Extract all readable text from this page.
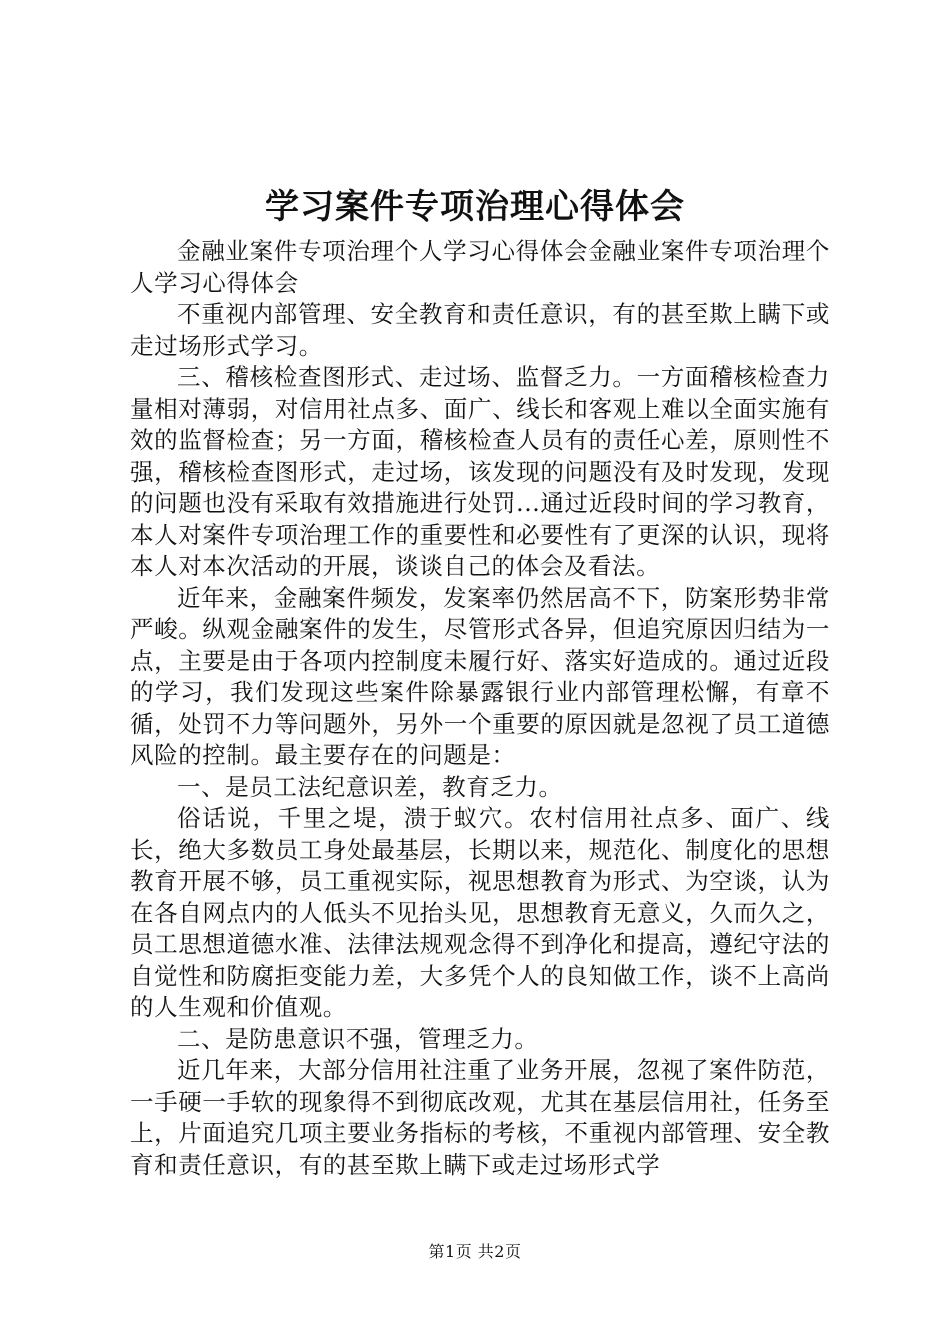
学习案件专项治理心得体会

金融业案件专项治理个人学习心得体会金融业案件专项治理个人学习心得体会

不重视内部管理、安全教育和责任意识，有的甚至欺上瞒下或走过场形式学习。

三、稽核检查图形式、走过场、监督乏力。一方面稽核检查力量相对薄弱，对信用社点多、面广、线长和客观上难以全面实施有效的监督检查；另一方面，稽核检查人员有的责任心差，原则性不强，稽核检查图形式，走过场，该发现的问题没有及时发现，发现的问题也没有采取有效措施进行处罚...通过近段时间的学习教育，本人对案件专项治理工作的重要性和必要性有了更深的认识，现将本人对本次活动的开展，谈谈自己的体会及看法。

近年来，金融案件频发，发案率仍然居高不下，防案形势非常严峻。纵观金融案件的发生，尽管形式各异，但追究原因归结为一点，主要是由于各项内控制度未履行好、落实好造成的。通过近段的学习，我们发现这些案件除暴露银行业内部管理松懈，有章不循，处罚不力等问题外，另外一个重要的原因就是忽视了员工道德风险的控制。最主要存在的问题是：

一、是员工法纪意识差，教育乏力。

俗话说，千里之堤，溃于蚁穴。农村信用社点多、面广、线长，绝大多数员工身处最基层，长期以来，规范化、制度化的思想教育开展不够，员工重视实际，视思想教育为形式、为空谈，认为在各自网点内的人低头不见抬头见，思想教育无意义，久而久之，员工思想道德水准、法律法规观念得不到净化和提高，遵纪守法的自觉性和防腐拒变能力差，大多凭个人的良知做工作，谈不上高尚的人生观和价值观。

二、是防患意识不强，管理乏力。

近几年来，大部分信用社注重了业务开展，忽视了案件防范，一手硬一手软的现象得不到彻底改观，尤其在基层信用社，任务至上，片面追究几项主要业务指标的考核，不重视内部管理、安全教育和责任意识，有的甚至欺上瞒下或走过场形式学

第1页 共2页
